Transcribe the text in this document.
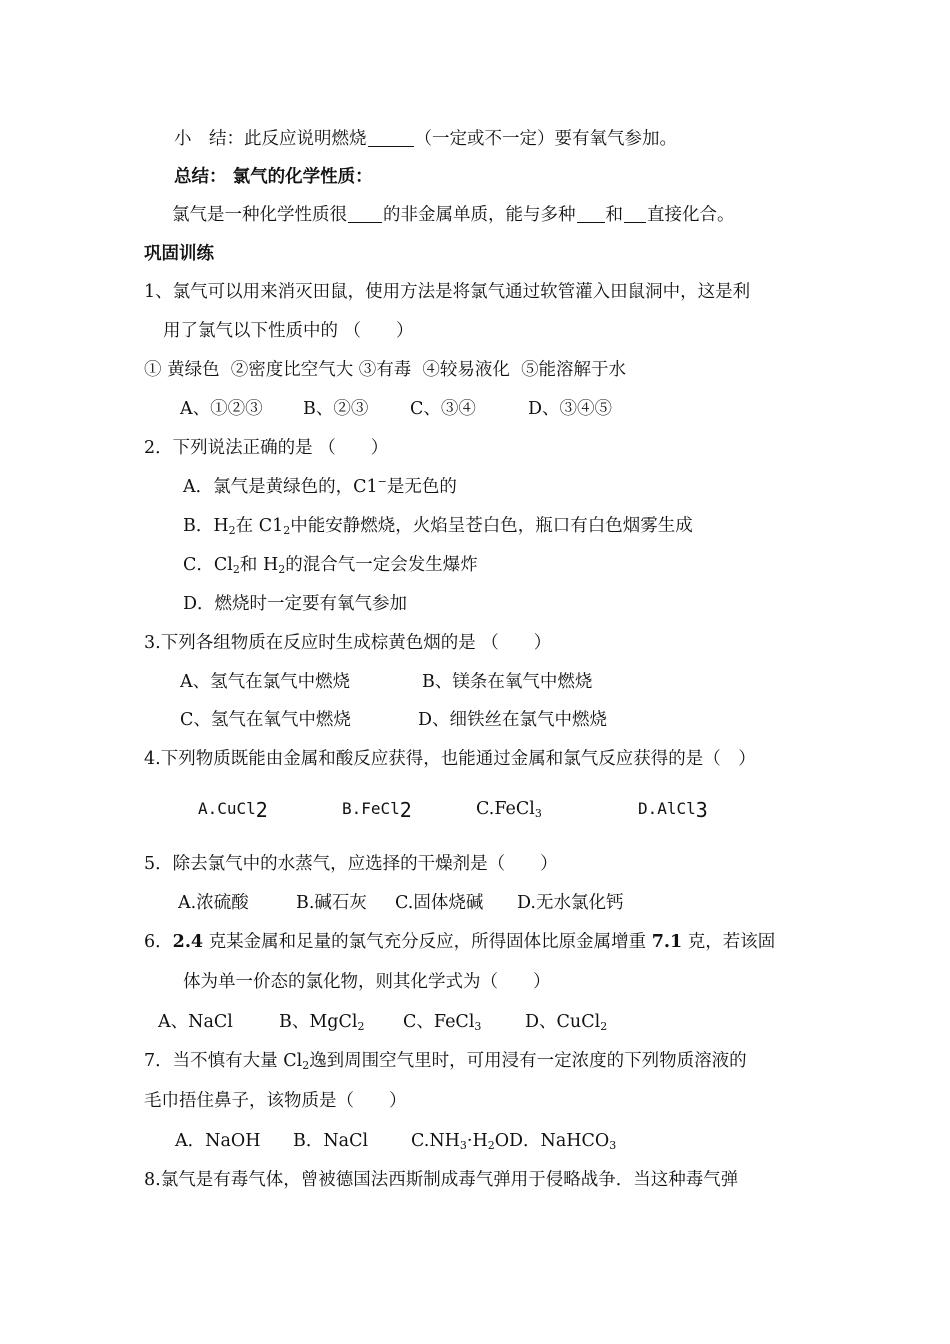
小　结：此反应说明燃烧	（一定或不一定）要有氧气参加。
总结： 氯气的化学性质：
氯气是一种化学性质很 的非金属单质，能与多种 和 直接化合。
巩固训练
1、氯气可以用来消灭田鼠，使用方法是将氯气通过软管灌入田鼠洞中，这是利
用了氯气以下性质中的 （　　）
① 黄绿色 ②密度比空气大 ③有毒 ④较易液化 ⑤能溶解于水
A、①②③ B、②③ C、③④	D、③④⑤
2．下列说法正确的是 （　　）
A．氯气是黄绿色的，C1−是无色的
B．$H_2$在 $C1_2$中能安静燃烧，火焰呈苍白色，瓶口有白色烟雾生成
C．$Cl_2$和 $H_2$的混合气一定会发生爆炸
D．燃烧时一定要有氧气参加
3.下列各组物质在反应时生成棕黄色烟的是 （　　）
A、氢气在氯气中燃烧	B、镁条在氧气中燃烧
C、氢气在氧气中燃烧	D、细铁丝在氯气中燃烧
4.下列物质既能由金属和酸反应获得，也能通过金属和氯气反应获得的是（　）
A.CuCl2	B.FeCl2	C.FeCl$_3$	D.AlCl3
5．除去氯气中的水蒸气，应选择的干燥剂是（　　）
A.浓硫酸	B.碱石灰 C.固体烧碱 D.无水氯化钙
6．2.4 克某金属和足量的氯气充分反应，所得固体比原金属增重 7.1 克，若该固
体为单一价态的氯化物，则其化学式为（　　）
A、NaCl	B、MgCl$_2$ C、FeCl$_3$ D、CuCl$_2$
7．当不慎有大量 $Cl_2$逸到周围空气里时，可用浸有一定浓度的下列物质溶液的
毛巾捂住鼻子，该物质是（　　）
A．NaOH B．NaCl $C.NH_3\cdot H_2OD$．NaHCO$_3$
8.氯气是有毒气体，曾被德国法西斯制成毒气弹用于侵略战争．当这种毒气弹
